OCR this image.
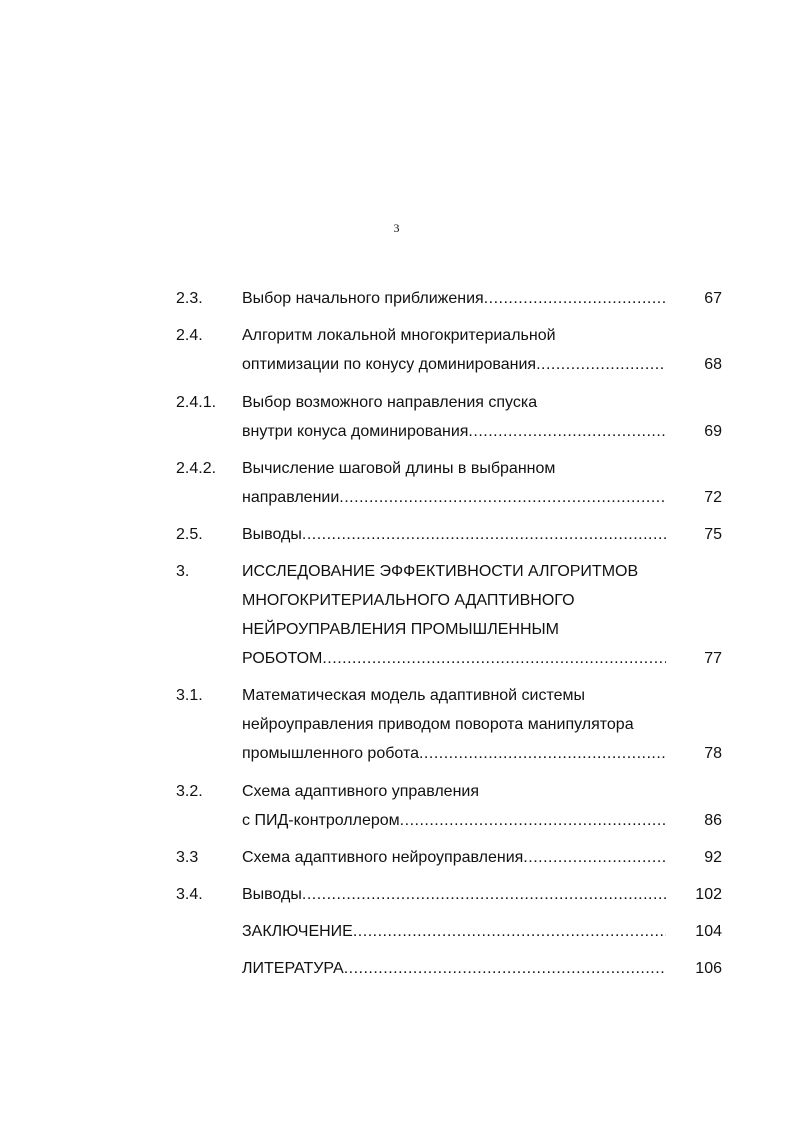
3
2.3. Выбор начального приближения .....	67
2.4. Алгоритм локальной многокритериальной
оптимизации по конусу доминирования .....	68
2.4.1. Выбор возможного направления спуска
внутри конуса доминирования .....	69
2.4.2. Вычисление шаговой длины в выбранном
направлении .....	72
2.5. Выводы .....	75
3.	ИССЛЕДОВАНИЕ ЭФФЕКТИВНОСТИ АЛГОРИТМОВ
МНОГОКРИТЕРИАЛЬНОГО АДАПТИВНОГО
НЕЙРОУПРАВЛЕНИЯ ПРОМЫШЛЕННЫМ
РОБОТОМ .....	77
3.1. Математическая модель адаптивной системы
нейроуправления приводом поворота манипулятора
промышленного робота .....	78
3.2. Схема адаптивного управления
с ПИД-контроллером .....	86
3.3	Схема адаптивного нейроуправления .....	92
3.4. Выводы .....	102
ЗАКЛЮЧЕНИЕ .....	104
ЛИТЕРАТУРА .....	106
